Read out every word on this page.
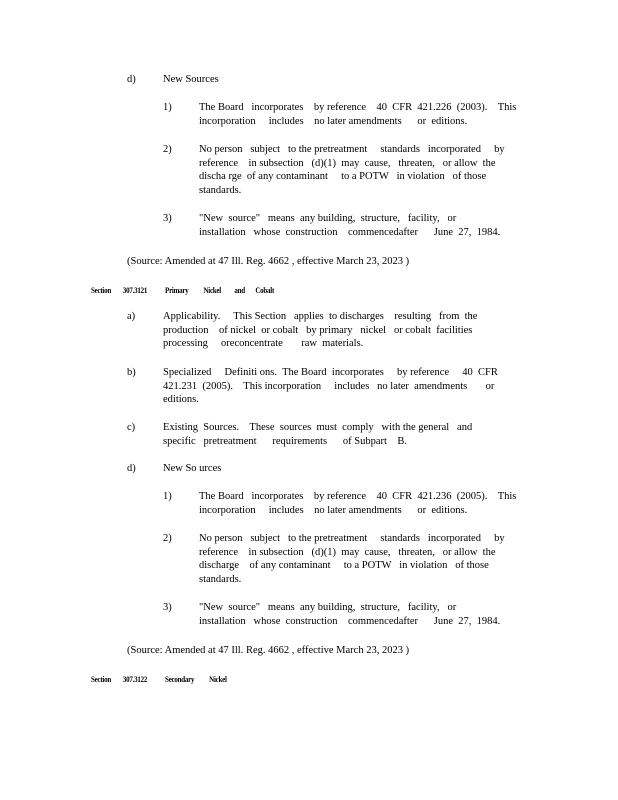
d)	New Sources
1)	The Board   incorporates    by reference    40  CFR  421.226  (2003).    This
incorporation     includes    no later amendments      or  editions.
2)	No person   subject   to the pretreatment     standards   incorporated     by
reference    in subsection   (d)(1)  may  cause,   threaten,   or allow  the
discha rge  of any contaminant     to a POTW   in violation   of those
standards.
3)	"New  source"   means  any building,  structure,   facility,   or
installation   whose  construction    commencedafter      June  27,  1984.
(Source: Amended at 47 Ill. Reg. 4662 , effective March 23, 2023 )
Section        307.3121            Primary          Nickel         and       Cobalt
a)	Applicability.     This Section   applies  to discharges    resulting   from  the
production    of nickel  or cobalt   by primary   nickel   or cobalt  facilities
processing     oreconcentrate       raw  materials.
b)	Specialized     Definiti ons.  The Board  incorporates     by reference     40  CFR
421.231  (2005).    This incorporation     includes   no later  amendments       or
editions.
c)	Existing  Sources.    These  sources  must  comply   with the general   and
specific   pretreatment      requirements      of Subpart    B.
d)	New So urces
1)	The Board   incorporates    by reference    40  CFR  421.236  (2005).    This
incorporation     includes    no later amendments      or  editions.
2)	No person   subject   to the pretreatment     standards   incorporated     by
reference    in subsection   (d)(1)  may  cause,   threaten,   or allow  the
discharge    of any contaminant     to a POTW   in violation   of those
standards.
3)	"New  source"   means  any building,  structure,   facility,   or
installation   whose  construction    commencedafter      June  27,  1984.
(Source: Amended at 47 Ill. Reg. 4662 , effective March 23, 2023 )
Section        307.3122            Secondary          Nickel
